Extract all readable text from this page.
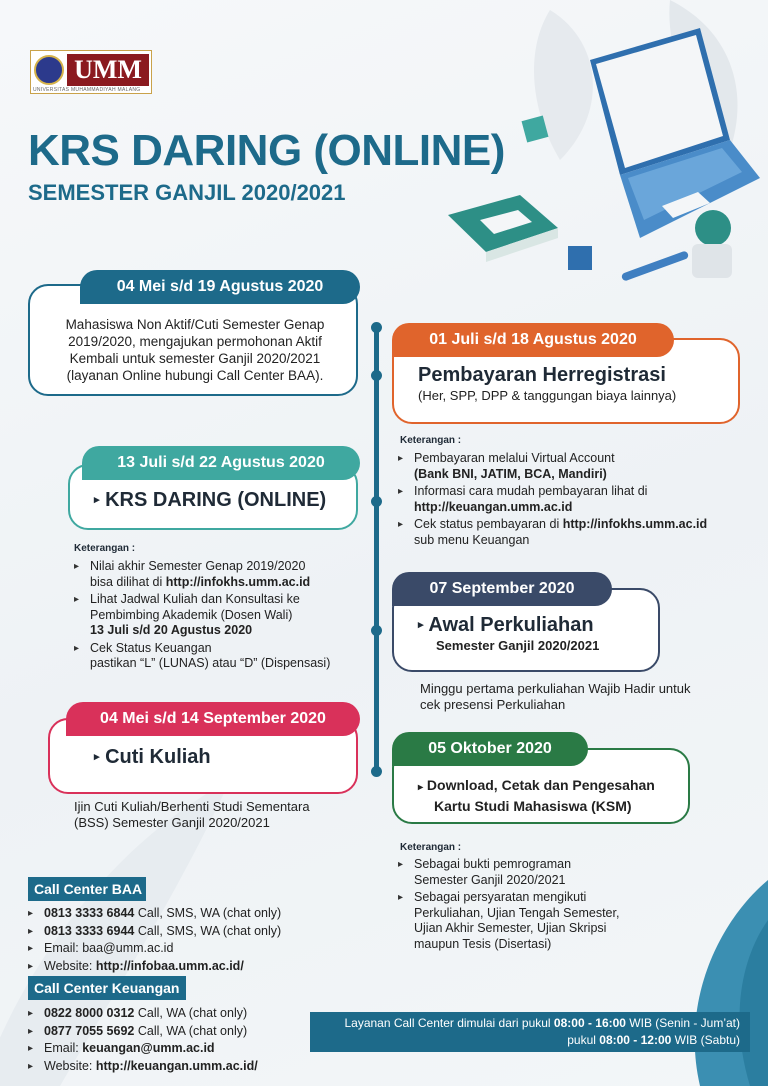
UMM
UNIVERSITAS MUHAMMADIYAH MALANG
KRS DARING (ONLINE)
SEMESTER GANJIL 2020/2021
04 Mei s/d 19 Agustus 2020
Mahasiswa Non Aktif/Cuti Semester Genap
2019/2020, mengajukan permohonan Aktif
Kembali untuk semester Ganjil 2020/2021
(layanan Online hubungi Call Center BAA).
01 Juli s/d 18 Agustus 2020
Pembayaran Herregistrasi
(Her, SPP, DPP & tanggungan biaya lainnya)
Keterangan :
▸ Pembayaran melalui Virtual Account
(Bank BNI, JATIM, BCA, Mandiri)
▸ Informasi cara mudah pembayaran lihat di
http://keuangan.umm.ac.id
▸ Cek status pembayaran di http://infokhs.umm.ac.id
sub menu Keuangan
13 Juli s/d 22 Agustus 2020
▸ KRS DARING (ONLINE)
Keterangan :
▸ Nilai akhir Semester Genap 2019/2020
bisa dilihat di http://infokhs.umm.ac.id
▸ Lihat Jadwal Kuliah dan Konsultasi ke
Pembimbing Akademik (Dosen Wali)
13 Juli s/d 20 Agustus 2020
▸ Cek Status Keuangan
pastikan “L” (LUNAS) atau “D” (Dispensasi)
07 September 2020
▸ Awal Perkuliahan
Semester Ganjil 2020/2021
Minggu pertama perkuliahan Wajib Hadir untuk
cek presensi Perkuliahan
04 Mei s/d 14 September 2020
▸ Cuti Kuliah
Ijin Cuti Kuliah/Berhenti Studi Sementara
(BSS) Semester Ganjil 2020/2021
05 Oktober 2020
▸ Download, Cetak dan Pengesahan
Kartu Studi Mahasiswa (KSM)
Keterangan :
▸ Sebagai bukti pemrograman
Semester Ganjil 2020/2021
▸ Sebagai persyaratan mengikuti
Perkuliahan, Ujian Tengah Semester,
Ujian Akhir Semester, Ujian Skripsi
maupun Tesis (Disertasi)
Call Center BAA
▸ 0813 3333 6844 Call, SMS, WA (chat only)
▸ 0813 3333 6944 Call, SMS, WA (chat only)
▸ Email: baa@umm.ac.id
▸ Website: http://infobaa.umm.ac.id/
Call Center Keuangan
▸ 0822 8000 0312 Call, WA (chat only)
▸ 0877 7055 5692 Call, WA (chat only)
▸ Email: keuangan@umm.ac.id
▸ Website: http://keuangan.umm.ac.id/
Layanan Call Center dimulai dari pukul 08:00 - 16:00 WIB (Senin - Jum’at)
pukul 08:00 - 12:00 WIB (Sabtu)
